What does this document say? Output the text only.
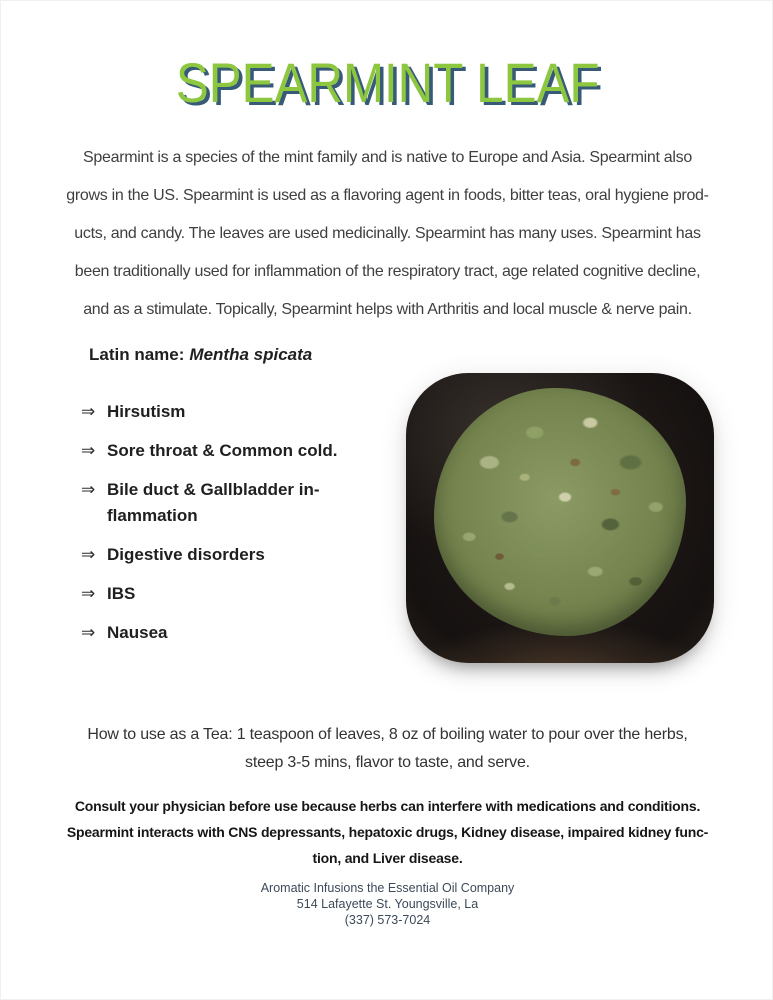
SPEARMINT LEAF
Spearmint is a species of the mint family and is native to Europe and Asia. Spearmint also
grows in the US. Spearmint is used as a flavoring agent in foods, bitter teas, oral hygiene prod-
ucts, and candy. The leaves are used medicinally. Spearmint has many uses. Spearmint has
been traditionally used for inflammation of the respiratory tract, age related cognitive decline,
and as a stimulate. Topically, Spearmint helps with Arthritis and local muscle & nerve pain.
Latin name: Mentha spicata
⇒ Hirsutism
⇒ Sore throat & Common cold.
⇒ Bile duct & Gallbladder in-
flammation
⇒ Digestive disorders
⇒ IBS
⇒ Nausea
How to use as a Tea: 1 teaspoon of leaves, 8 oz of boiling water to pour over the herbs,
steep 3-5 mins, flavor to taste, and serve.
Consult your physician before use because herbs can interfere with medications and conditions.
Spearmint interacts with CNS depressants, hepatoxic drugs, Kidney disease, impaired kidney func-
tion, and Liver disease.
Aromatic Infusions the Essential Oil Company
514 Lafayette St. Youngsville, La
(337) 573-7024
